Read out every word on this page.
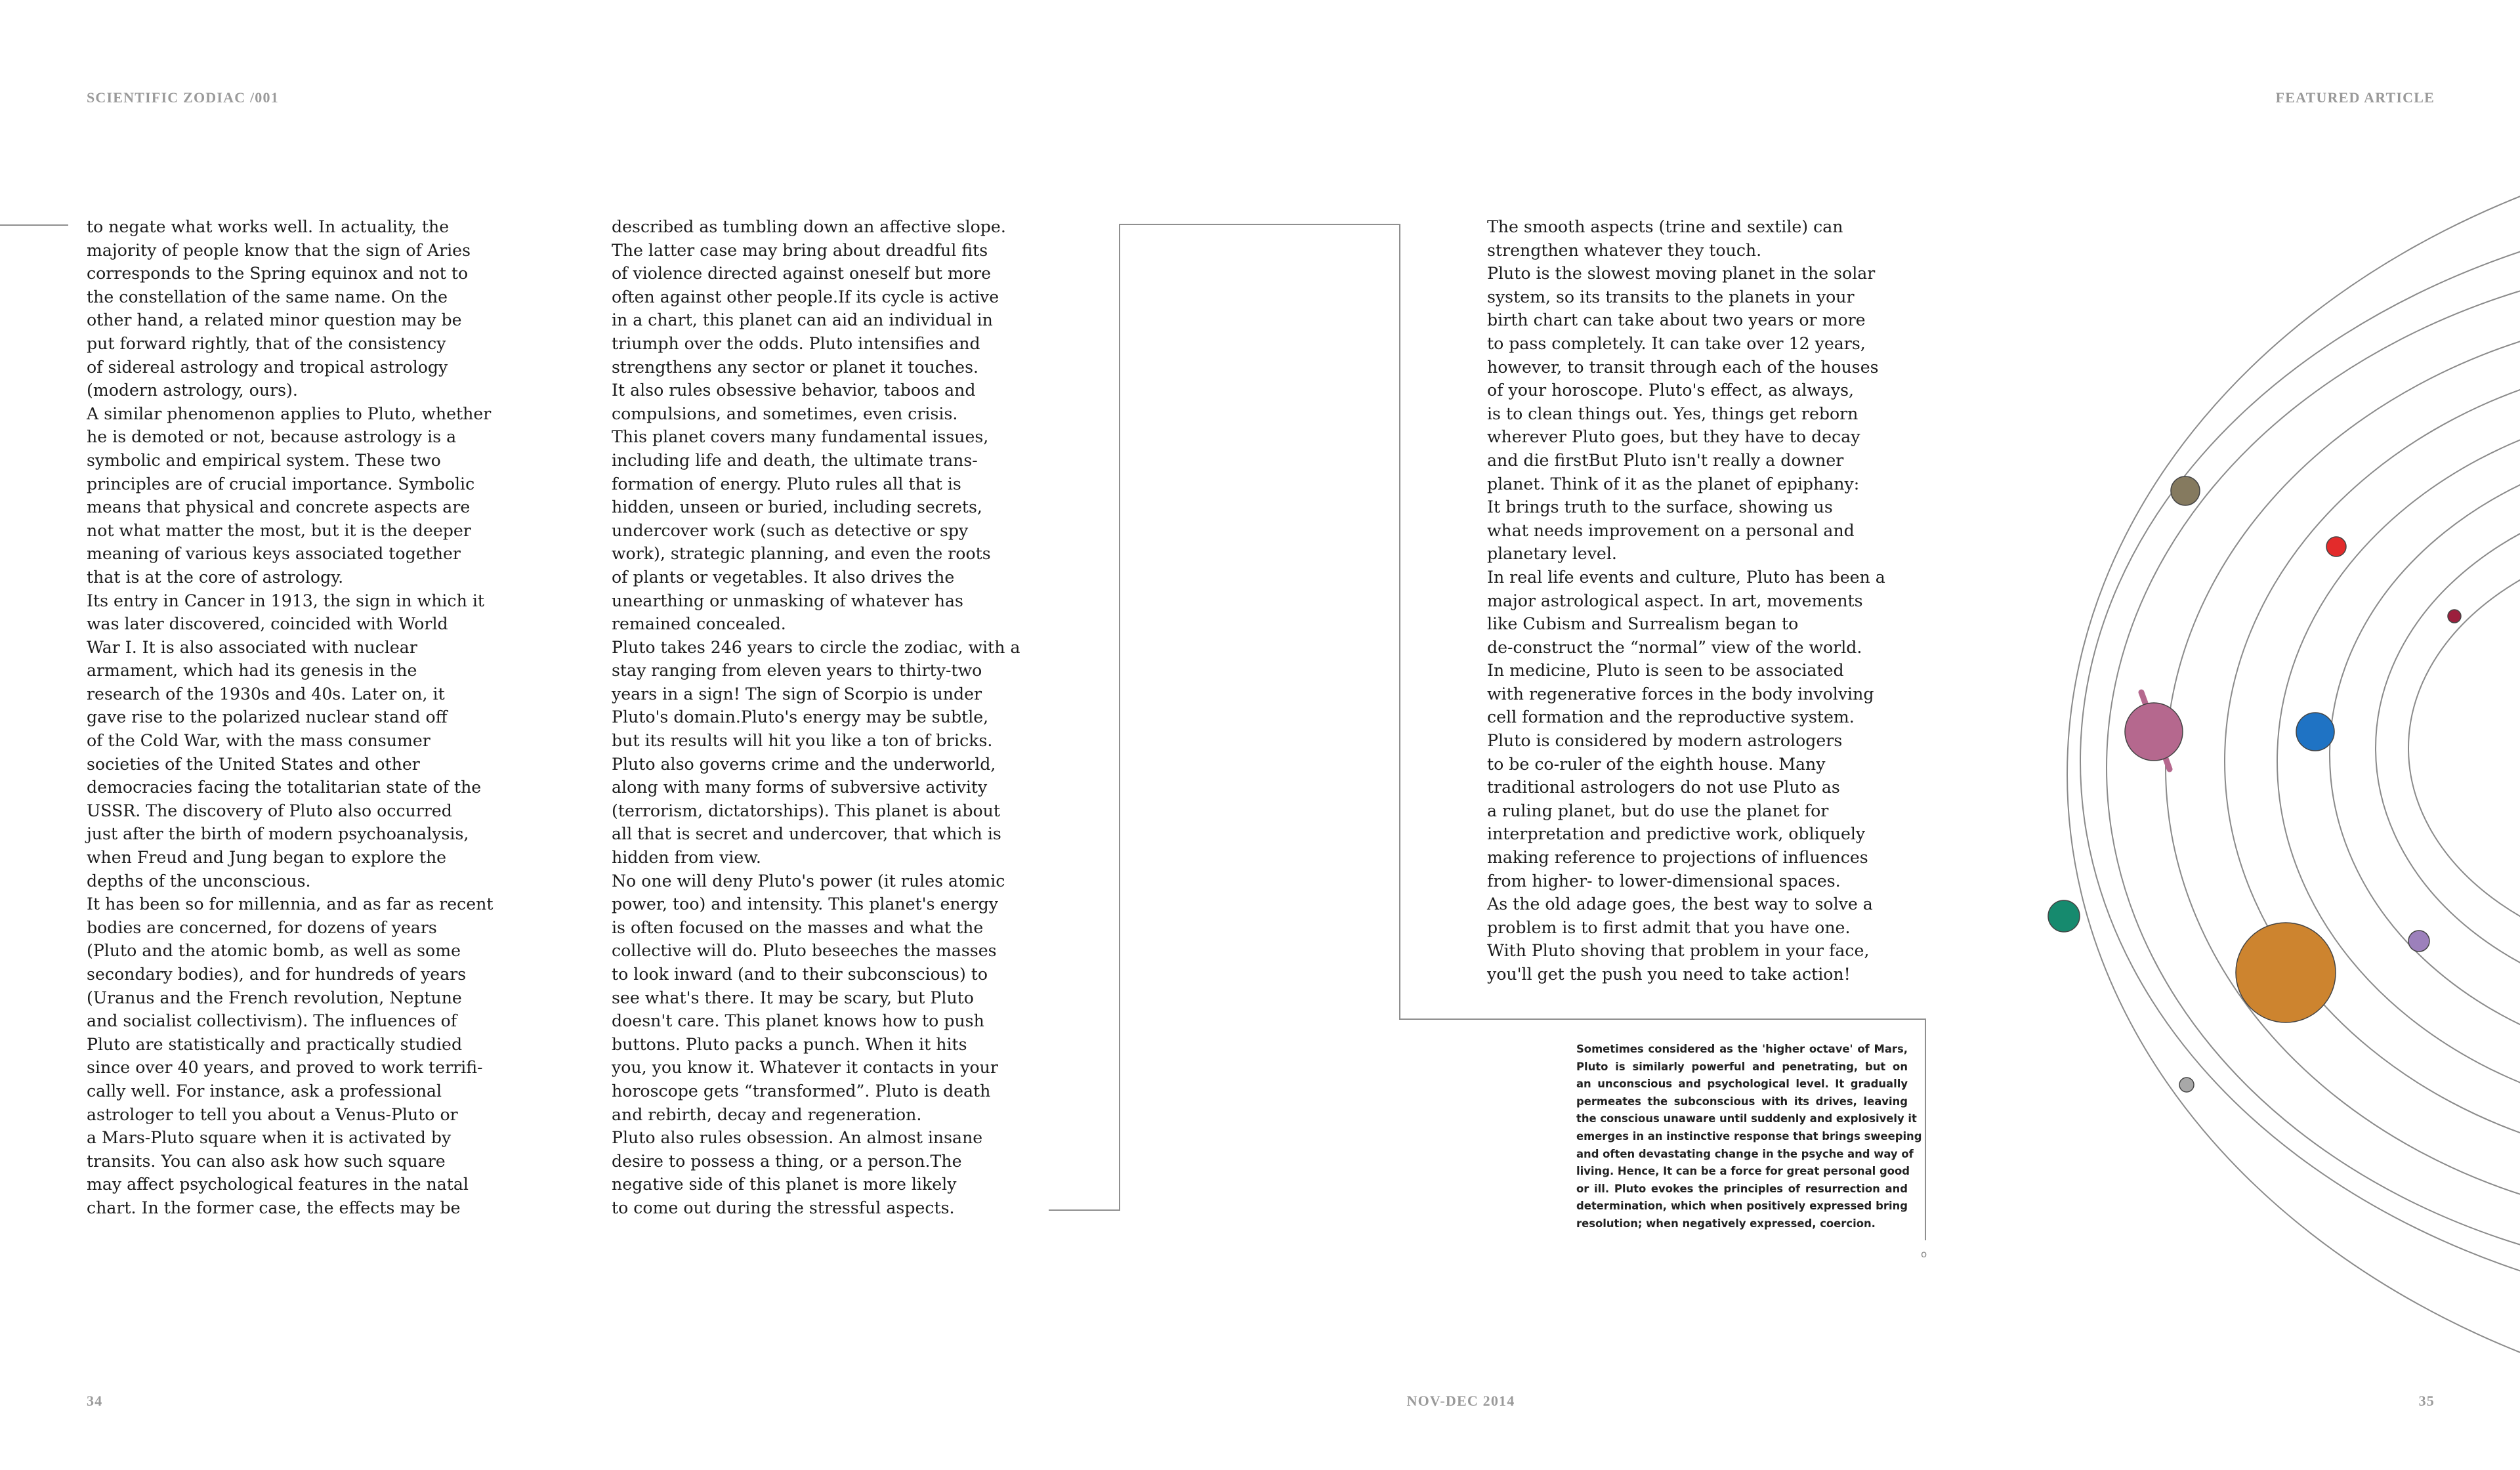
SCIENTIFIC ZODIAC /001	FEATURED ARTICLE

to negate what works well. In actuality, the
majority of people know that the sign of Aries
corresponds to the Spring equinox and not to
the constellation of the same name. On the
other hand, a related minor question may be
put forward rightly, that of the consistency
of sidereal astrology and tropical astrology
(modern astrology, ours).

A similar phenomenon applies to Pluto, whether
he is demoted or not, because astrology is a
symbolic and empirical system. These two
principles are of crucial importance. Symbolic
means that physical and concrete aspects are
not what matter the most, but it is the deeper
meaning of various keys associated together
that is at the core of astrology.

Its entry in Cancer in 1913, the sign in which it
was later discovered, coincided with World
War I. It is also associated with nuclear
armament, which had its genesis in the
research of the 1930s and 40s. Later on, it
gave rise to the polarized nuclear stand off
of the Cold War, with the mass consumer
societies of the United States and other
democracies facing the totalitarian state of the
USSR. The discovery of Pluto also occurred
just after the birth of modern psychoanalysis,
when Freud and Jung began to explore the
depths of the unconscious.

It has been so for millennia, and as far as recent
bodies are concerned, for dozens of years
(Pluto and the atomic bomb, as well as some
secondary bodies), and for hundreds of years
(Uranus and the French revolution, Neptune
and socialist collectivism). The influences of
Pluto are statistically and practically studied
since over 40 years, and proved to work terrifi-
cally well. For instance, ask a professional
astrologer to tell you about a Venus-Pluto or
a Mars-Pluto square when it is activated by
transits. You can also ask how such square
may affect psychological features in the natal
chart. In the former case, the effects may be

described as tumbling down an affective slope.
The latter case may bring about dreadful fits
of violence directed against oneself but more
often against other people.If its cycle is active
in a chart, this planet can aid an individual in
triumph over the odds. Pluto intensifies and
strengthens any sector or planet it touches.
It also rules obsessive behavior, taboos and
compulsions, and sometimes, even crisis.

This planet covers many fundamental issues,
including life and death, the ultimate trans-
formation of energy. Pluto rules all that is
hidden, unseen or buried, including secrets,
undercover work (such as detective or spy
work), strategic planning, and even the roots
of plants or vegetables. It also drives the
unearthing or unmasking of whatever has
remained concealed.

Pluto takes 246 years to circle the zodiac, with a
stay ranging from eleven years to thirty-two
years in a sign! The sign of Scorpio is under
Pluto's domain.Pluto's energy may be subtle,
but its results will hit you like a ton of bricks.
Pluto also governs crime and the underworld,
along with many forms of subversive activity
(terrorism, dictatorships). This planet is about
all that is secret and undercover, that which is
hidden from view.

No one will deny Pluto's power (it rules atomic
power, too) and intensity. This planet's energy
is often focused on the masses and what the
collective will do. Pluto beseeches the masses
to look inward (and to their subconscious) to
see what's there. It may be scary, but Pluto
doesn't care. This planet knows how to push
buttons. Pluto packs a punch. When it hits
you, you know it. Whatever it contacts in your
horoscope gets “transformed”. Pluto is death
and rebirth, decay and regeneration.

Pluto also rules obsession. An almost insane
desire to possess a thing, or a person.The
negative side of this planet is more likely
to come out during the stressful aspects.

The smooth aspects (trine and sextile) can
strengthen whatever they touch.

Pluto is the slowest moving planet in the solar
system, so its transits to the planets in your
birth chart can take about two years or more
to pass completely. It can take over 12 years,
however, to transit through each of the houses
of your horoscope. Pluto's effect, as always,
is to clean things out. Yes, things get reborn
wherever Pluto goes, but they have to decay
and die firstBut Pluto isn't really a downer
planet. Think of it as the planet of epiphany:
It brings truth to the surface, showing us
what needs improvement on a personal and
planetary level.

In real life events and culture, Pluto has been a
major astrological aspect. In art, movements
like Cubism and Surrealism began to
de-construct the “normal” view of the world.
In medicine, Pluto is seen to be associated
with regenerative forces in the body involving
cell formation and the reproductive system.
Pluto is considered by modern astrologers
to be co-ruler of the eighth house. Many
traditional astrologers do not use Pluto as
a ruling planet, but do use the planet for
interpretation and predictive work, obliquely
making reference to projections of influences
from higher- to lower-dimensional spaces.

As the old adage goes, the best way to solve a
problem is to first admit that you have one.
With Pluto shoving that problem in your face,
you'll get the push you need to take action!

Sometimes considered as the 'higher octave' of Mars,
Pluto is similarly powerful and penetrating, but on
an unconscious and psychological level. It gradually
permeates the subconscious with its drives, leaving
the conscious unaware until suddenly and explosively it
emerges in an instinctive response that brings sweeping
and often devastating change in the psyche and way of
living. Hence, It can be a force for great personal good
or ill. Pluto evokes the principles of resurrection and
determination, which when positively expressed bring
resolution; when negatively expressed, coercion.
o
34	NOV-DEC 2014	35
